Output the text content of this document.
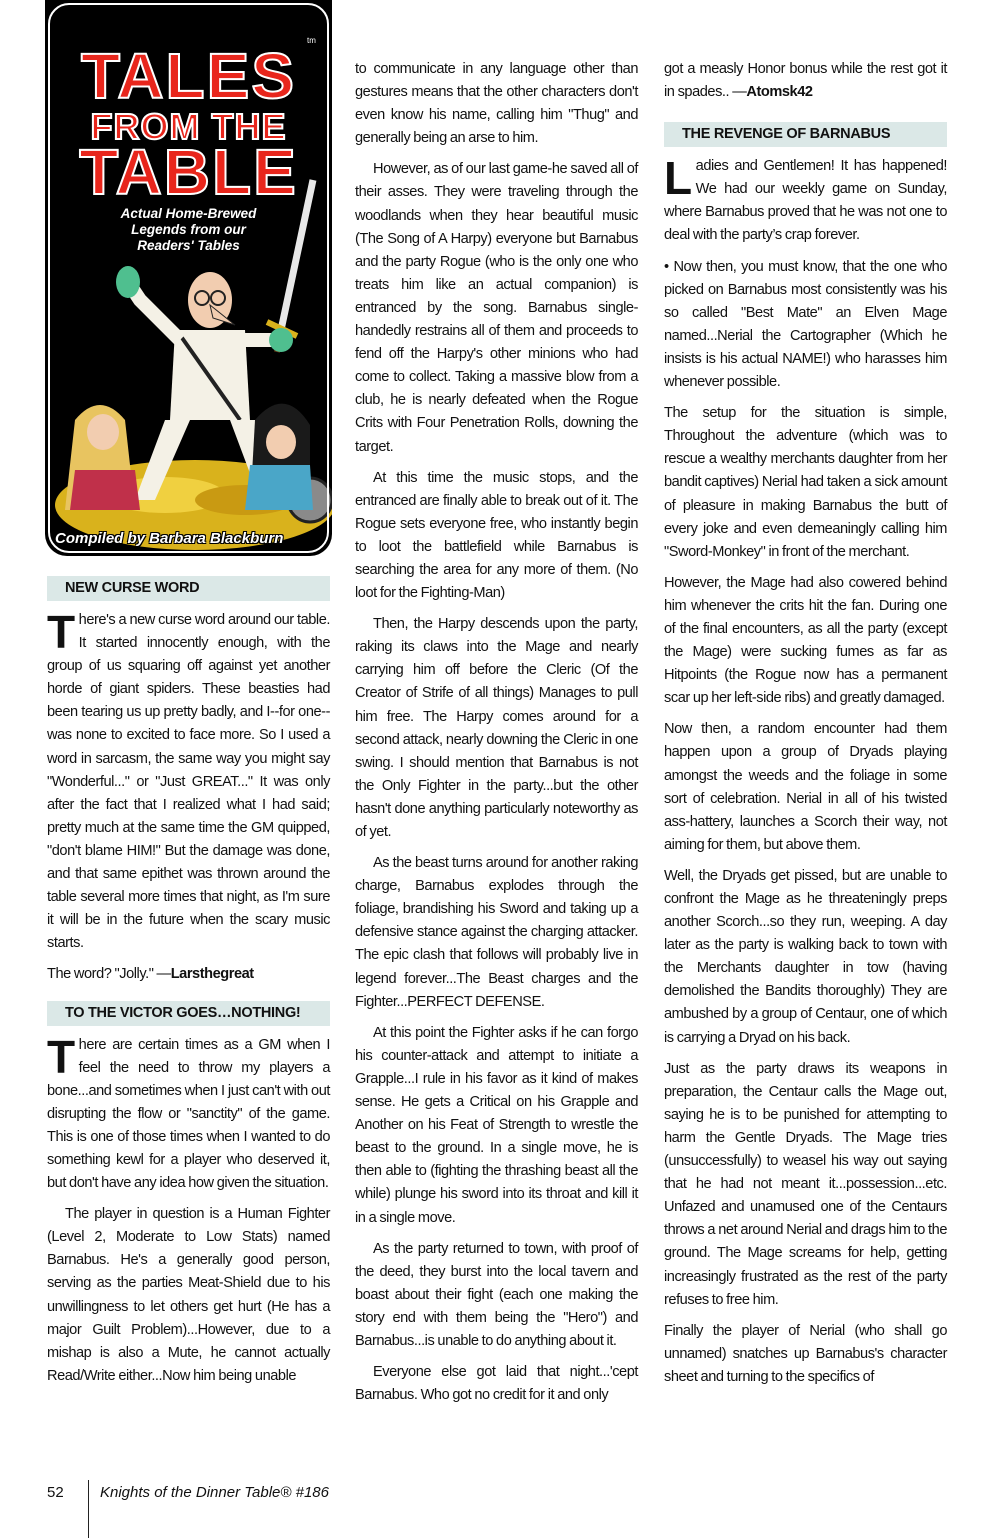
TALES
FROM THE
TABLE
tm
Actual Home-Brewed
Legends from our
Readers' Tables
Compiled by Barbara Blackburn
NEW CURSE WORD

There's a new curse word around our table. It started innocently enough, with the group of us squaring off against yet another horde of giant spiders. These beasties had been tearing us up pretty badly, and I--for one--was none to excited to face more. So I used a word in sarcasm, the same way you might say "Wonderful..." or "Just GREAT..." It was only after the fact that I realized what I had said; pretty much at the same time the GM quipped, "don't blame HIM!" But the damage was done, and that same epithet was thrown around the table several more times that night, as I'm sure it will be in the future when the scary music starts.

The word? "Jolly." —Larsthegreat

TO THE VICTOR GOES…NOTHING!

There are certain times as a GM when I feel the need to throw my players a bone...and sometimes when I just can't with out disrupting the flow or "sanctity" of the game. This is one of those times when I wanted to do something kewl for a player who deserved it, but don't have any idea how given the situation.

The player in question is a Human Fighter (Level 2, Moderate to Low Stats) named Barnabus. He's a generally good person, serving as the parties Meat-Shield due to his unwillingness to let others get hurt (He has a major Guilt Problem)...However, due to a mishap is also a Mute, he cannot actually Read/Write either...Now him being unable

to communicate in any language other than gestures means that the other characters don't even know his name, calling him "Thug" and generally being an arse to him.

However, as of our last game-he saved all of their asses. They were traveling through the woodlands when they hear beautiful music (The Song of A Harpy) everyone but Barnabus and the party Rogue (who is the only one who treats him like an actual companion) is entranced by the song. Barnabus single-handedly restrains all of them and proceeds to fend off the Harpy's other minions who had come to collect. Taking a massive blow from a club, he is nearly defeated when the Rogue Crits with Four Penetration Rolls, downing the target.

At this time the music stops, and the entranced are finally able to break out of it. The Rogue sets everyone free, who instantly begin to loot the battlefield while Barnabus is searching the area for any more of them. (No loot for the Fighting-Man)

Then, the Harpy descends upon the party, raking its claws into the Mage and nearly carrying him off before the Cleric (Of the Creator of Strife of all things) Manages to pull him free. The Harpy comes around for a second attack, nearly downing the Cleric in one swing. I should mention that Barnabus is not the Only Fighter in the party...but the other hasn't done anything particularly noteworthy as of yet.

As the beast turns around for another raking charge, Barnabus explodes through the foliage, brandishing his Sword and taking up a defensive stance against the charging attacker. The epic clash that follows will probably live in legend forever...The Beast charges and the Fighter...PERFECT DEFENSE.

At this point the Fighter asks if he can forgo his counter-attack and attempt to initiate a Grapple...I rule in his favor as it kind of makes sense. He gets a Critical on his Grapple and Another on his Feat of Strength to wrestle the beast to the ground. In a single move, he is then able to (fighting the thrashing beast all the while) plunge his sword into its throat and kill it in a single move.

As the party returned to town, with proof of the deed, they burst into the local tavern and boast about their fight (each one making the story end with them being the "Hero") and Barnabus...is unable to do anything about it.

Everyone else got laid that night...'cept Barnabus. Who got no credit for it and only

got a measly Honor bonus while the rest got it in spades.. —Atomsk42

THE REVENGE OF BARNABUS

Ladies and Gentlemen! It has happened! We had our weekly game on Sunday, where Barnabus proved that he was not one to deal with the party’s crap forever.

• Now then, you must know, that the one who picked on Barnabus most consistently was his so called "Best Mate" an Elven Mage named...Nerial the Cartographer (Which he insists is his actual NAME!) who harasses him whenever possible.

The setup for the situation is simple, Throughout the adventure (which was to rescue a wealthy merchants daughter from her bandit captives) Nerial had taken a sick amount of pleasure in making Barnabus the butt of every joke and even demeaningly calling him "Sword-Monkey" in front of the merchant.

However, the Mage had also cowered behind him whenever the crits hit the fan. During one of the final encounters, as all the party (except the Mage) were sucking fumes as far as Hitpoints (the Rogue now has a permanent scar up her left-side ribs) and greatly damaged.

Now then, a random encounter had them happen upon a group of Dryads playing amongst the weeds and the foliage in some sort of celebration. Nerial in all of his twisted ass-hattery, launches a Scorch their way, not aiming for them, but above them.

Well, the Dryads get pissed, but are unable to confront the Mage as he threateningly preps another Scorch...so they run, weeping. A day later as the party is walking back to town with the Merchants daughter in tow (having demolished the Bandits thoroughly) They are ambushed by a group of Centaur, one of which is carrying a Dryad on his back.

Just as the party draws its weapons in preparation, the Centaur calls the Mage out, saying he is to be punished for attempting to harm the Gentle Dryads. The Mage tries (unsuccessfully) to weasel his way out saying that he had not meant it...possession...etc. Unfazed and unamused one of the Centaurs throws a net around Nerial and drags him to the ground. The Mage screams for help, getting increasingly frustrated as the rest of the party refuses to free him.

Finally the player of Nerial (who shall go unnamed) snatches up Barnabus's character sheet and turning to the specifics of

52 Knights of the Dinner Table® #186
